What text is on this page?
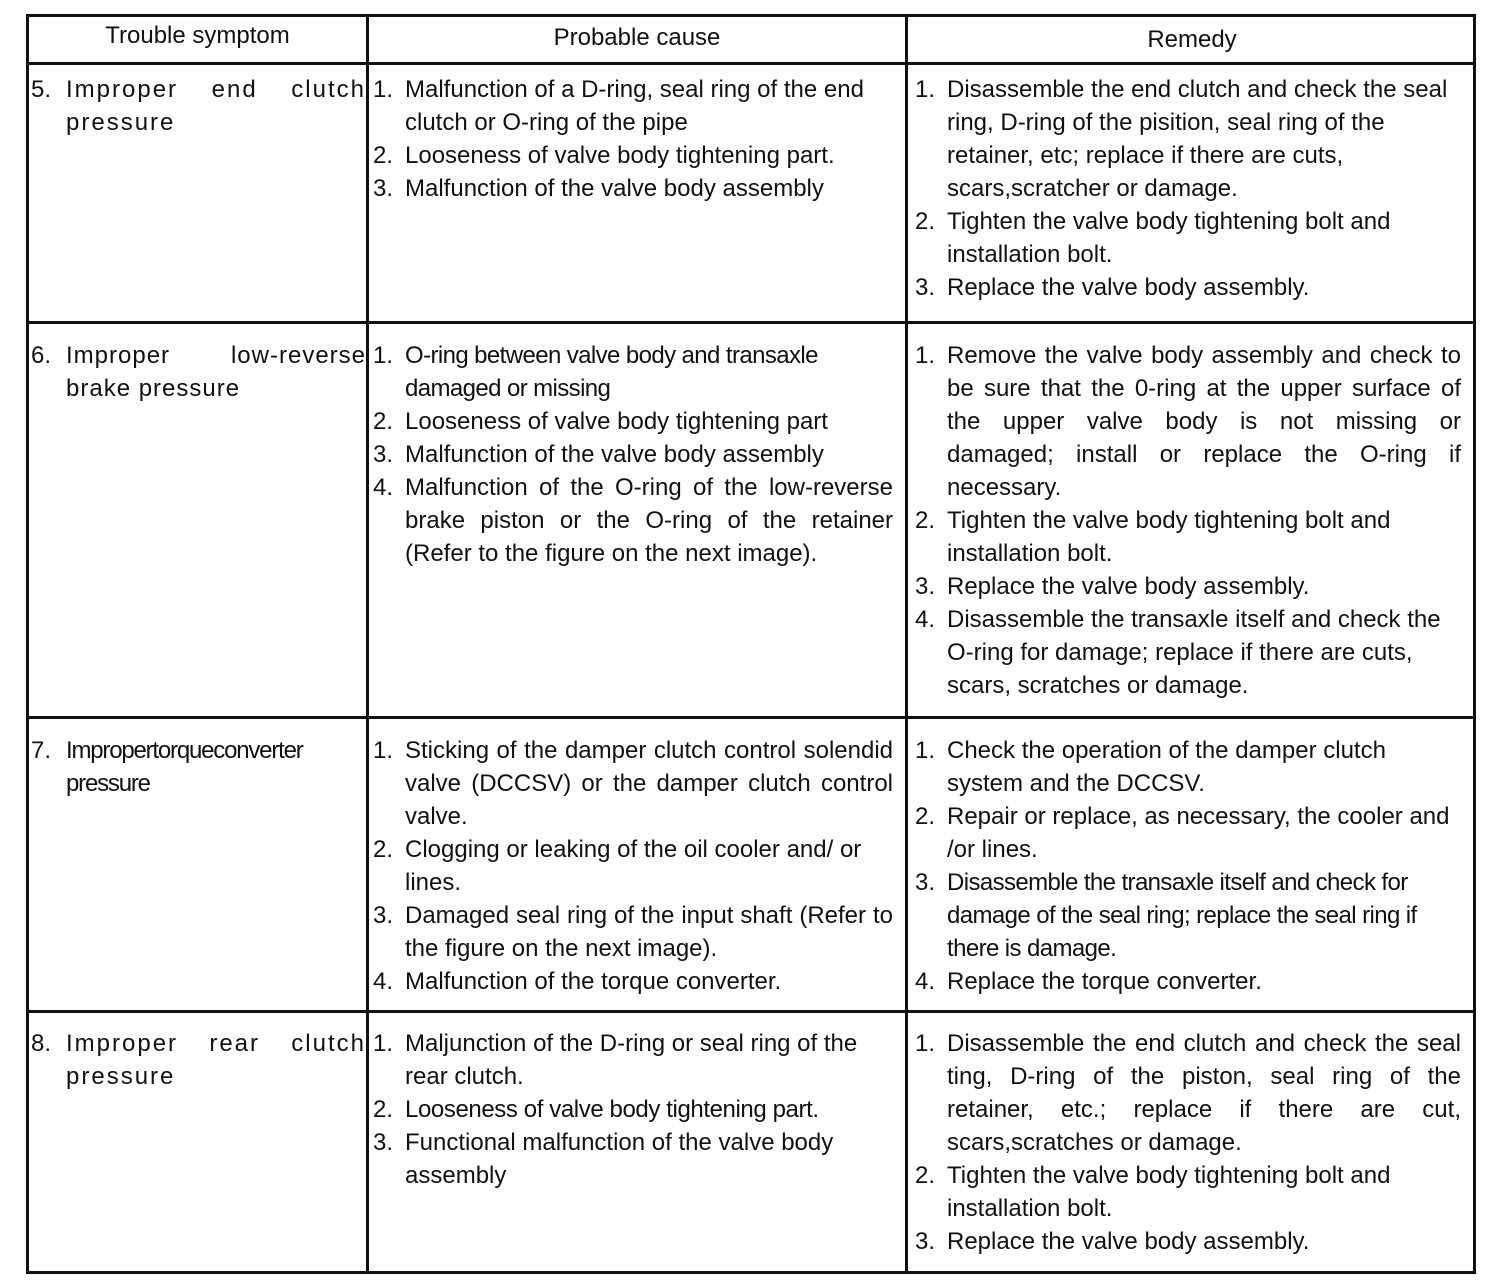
Trouble symptom	Probable cause	Remedy
5. Improper end clutch pressure
1. Malfunction of a D-ring, seal ring of the end clutch or O-ring of the pipe
2. Looseness of valve body tightening part.
3. Malfunction of the valve body assembly
1. Disassemble the end clutch and check the seal ring, D-ring of the pisition, seal ring of the retainer, etc; replace if there are cuts, scars,scratcher or damage.
2. Tighten the valve body tightening bolt and installation bolt.
3. Replace the valve body assembly.
6. Improper low-reverse brake pressure
1. O-ring between valve body and transaxle damaged or missing
2. Looseness of valve body tightening part
3. Malfunction of the valve body assembly
4. Malfunction of the O-ring of the low-reverse brake piston or the O-ring of the retainer (Refer to the figure on the next image).
1. Remove the valve body assembly and check to be sure that the 0-ring at the upper surface of the upper valve body is not missing or damaged; install or replace the O-ring if necessary.
2. Tighten the valve body tightening bolt and installation bolt.
3. Replace the valve body assembly.
4. Disassemble the transaxle itself and check the O-ring for damage; replace if there are cuts, scars, scratches or damage.
7. Impropertorqueconverter pressure
1. Sticking of the damper clutch control solendid valve (DCCSV) or the damper clutch control valve.
2. Clogging or leaking of the oil cooler and/ or lines.
3. Damaged seal ring of the input shaft (Refer to the figure on the next image).
4. Malfunction of the torque converter.
1. Check the operation of the damper clutch system and the DCCSV.
2. Repair or replace, as necessary, the cooler and /or lines.
3. Disassemble the transaxle itself and check for damage of the seal ring; replace the seal ring if there is damage.
4. Replace the torque converter.
8. Improper rear clutch pressure
1. Maljunction of the D-ring or seal ring of the rear clutch.
2. Looseness of valve body tightening part.
3. Functional malfunction of the valve body assembly
1. Disassemble the end clutch and check the seal ting, D-ring of the piston, seal ring of the retainer, etc.; replace if there are cut, scars,scratches or damage.
2. Tighten the valve body tightening bolt and installation bolt.
3. Replace the valve body assembly.
